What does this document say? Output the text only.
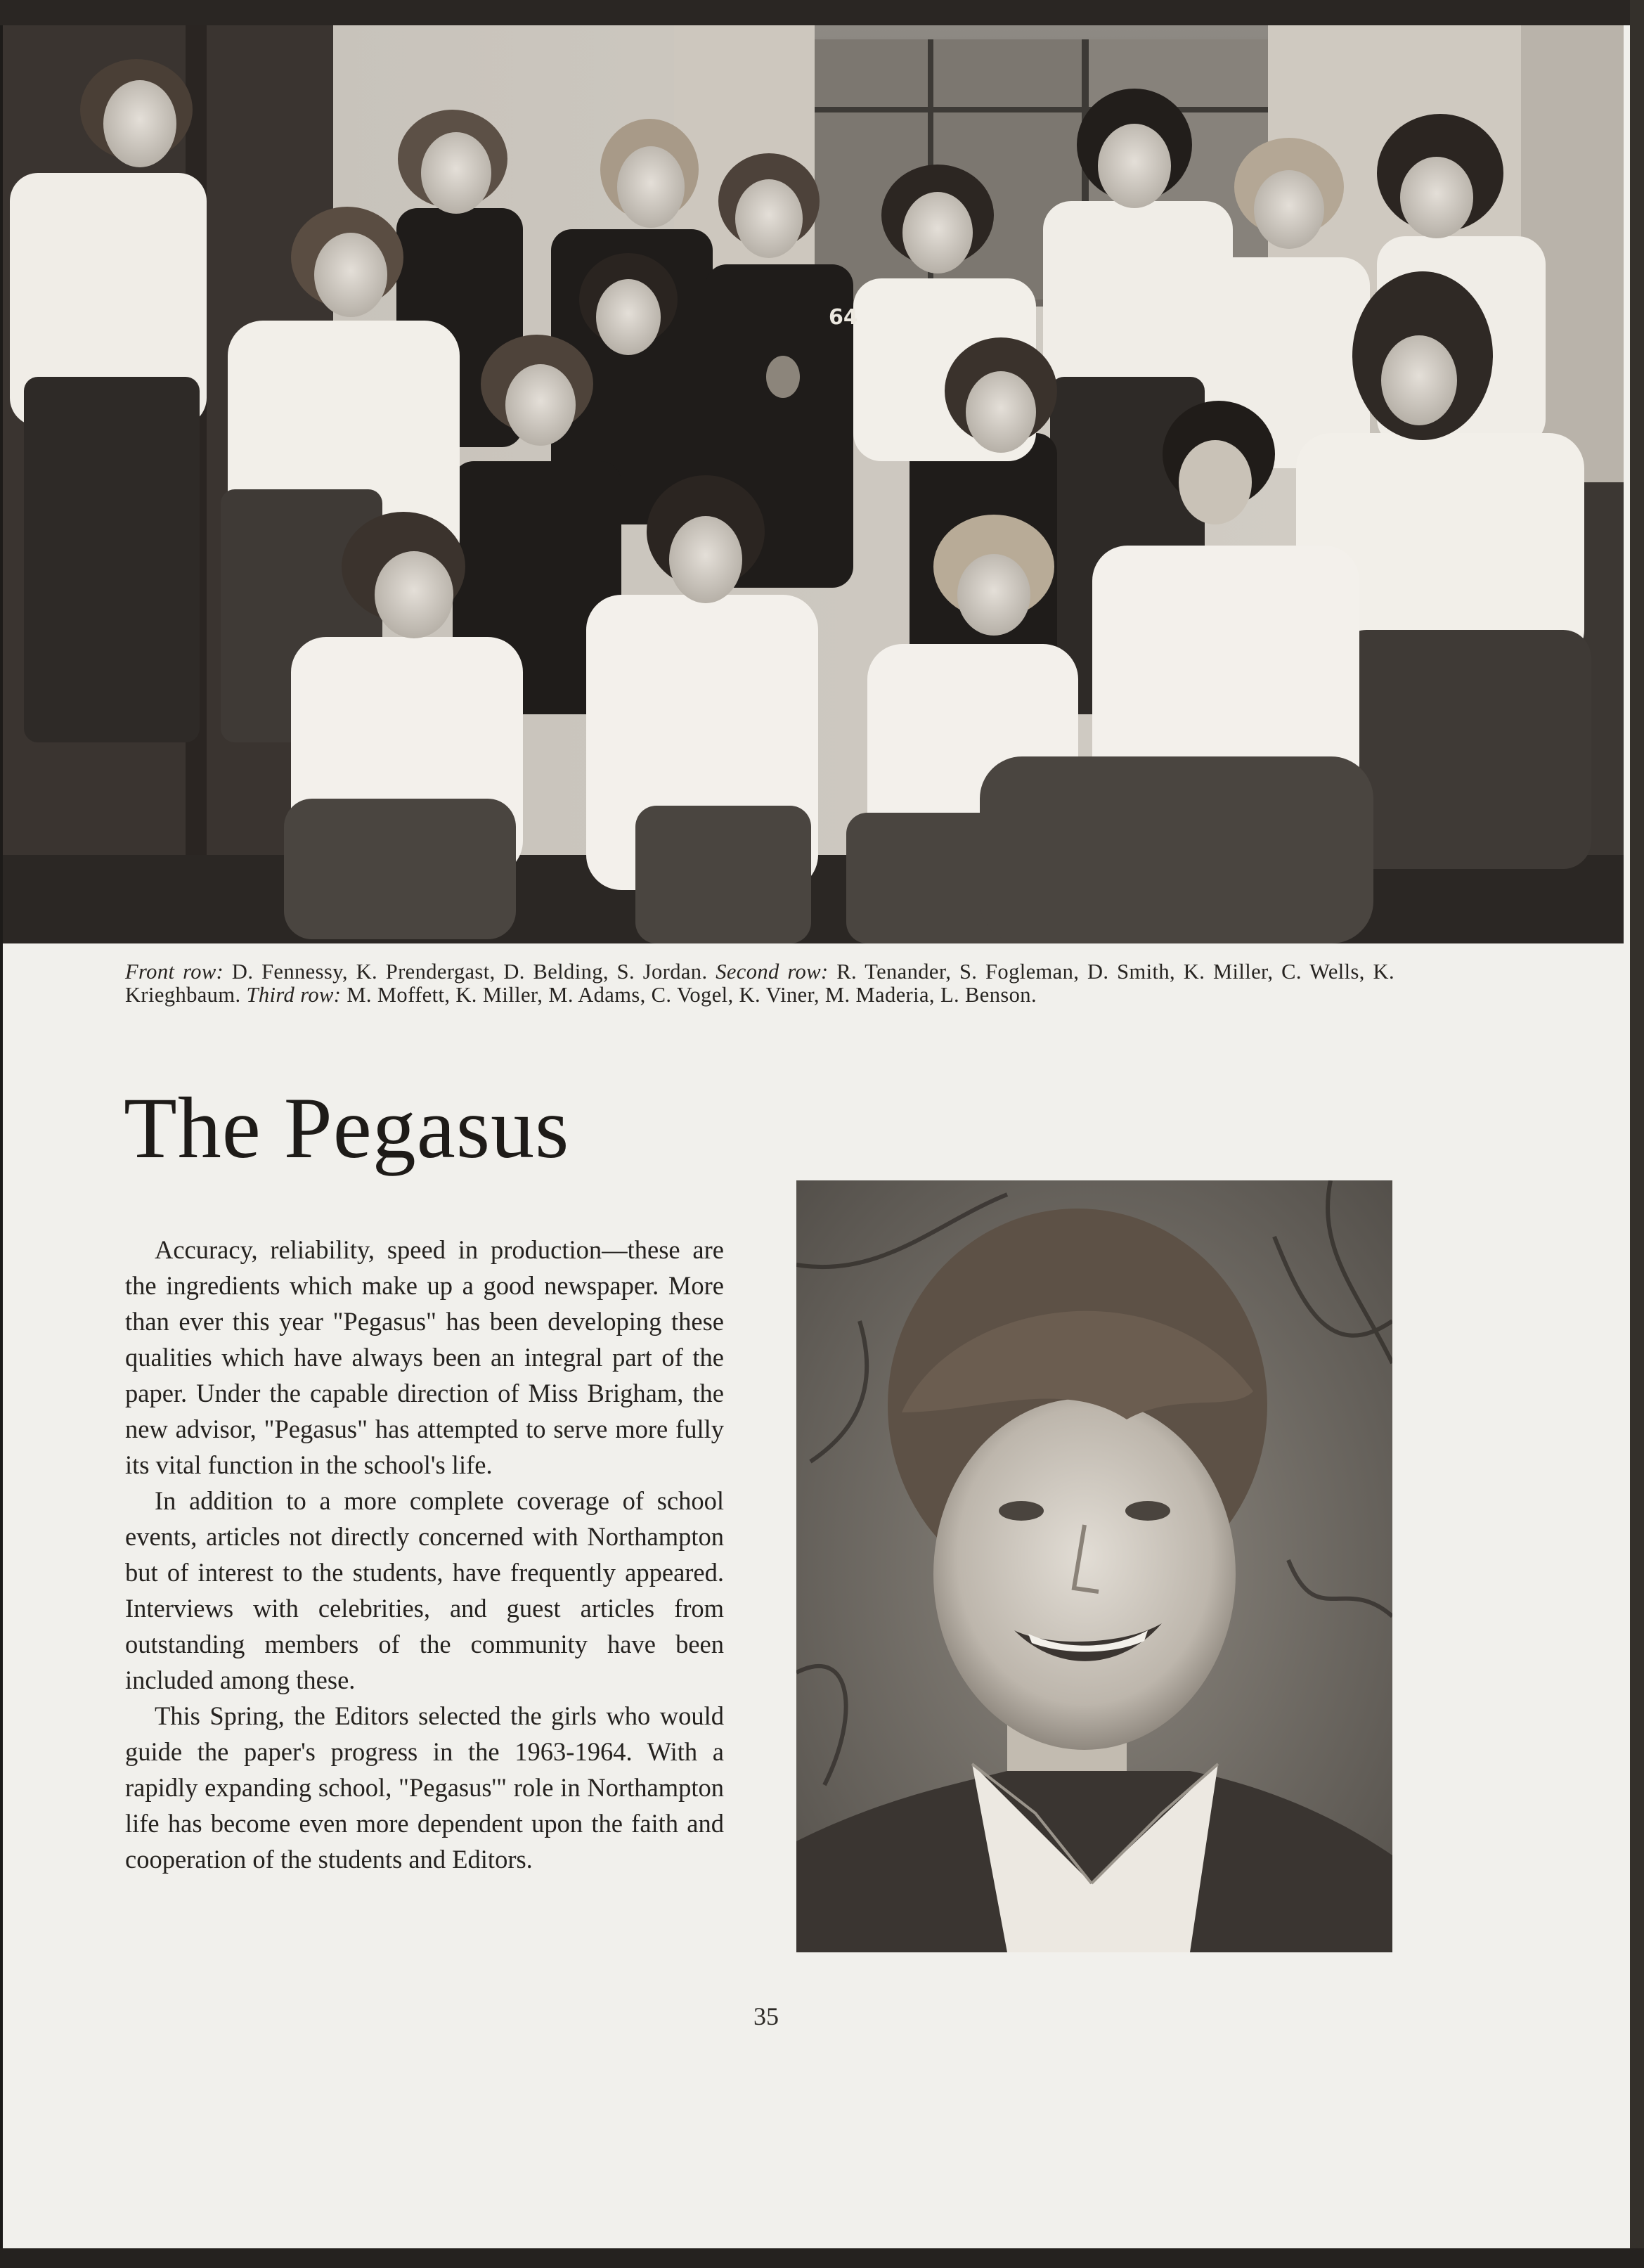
64

Front row: D. Fennessy, K. Prendergast, D. Belding, S. Jordan. Second row: R. Tenander, S. Fogleman, D. Smith, K. Miller, C. Wells, K. Krieghbaum. Third row: M. Moffett, K. Miller, M. Adams, C. Vogel, K. Viner, M. Maderia, L. Benson.

The Pegasus

Accuracy, reliability, speed in production—these are the ingredients which make up a good newspaper. More than ever this year "Pegasus" has been developing these qualities which have always been an integral part of the paper. Under the capable direction of Miss Brigham, the new advisor, "Pegasus" has attempted to serve more fully its vital function in the school's life.

In addition to a more complete coverage of school events, articles not directly concerned with Northampton but of interest to the students, have frequently appeared. Interviews with celebrities, and guest articles from outstanding members of the community have been included among these.

This Spring, the Editors selected the girls who would guide the paper's progress in the 1963-1964. With a rapidly expanding school, "Pegasus'" role in Northampton life has become even more dependent upon the faith and cooperation of the students and Editors.

35
